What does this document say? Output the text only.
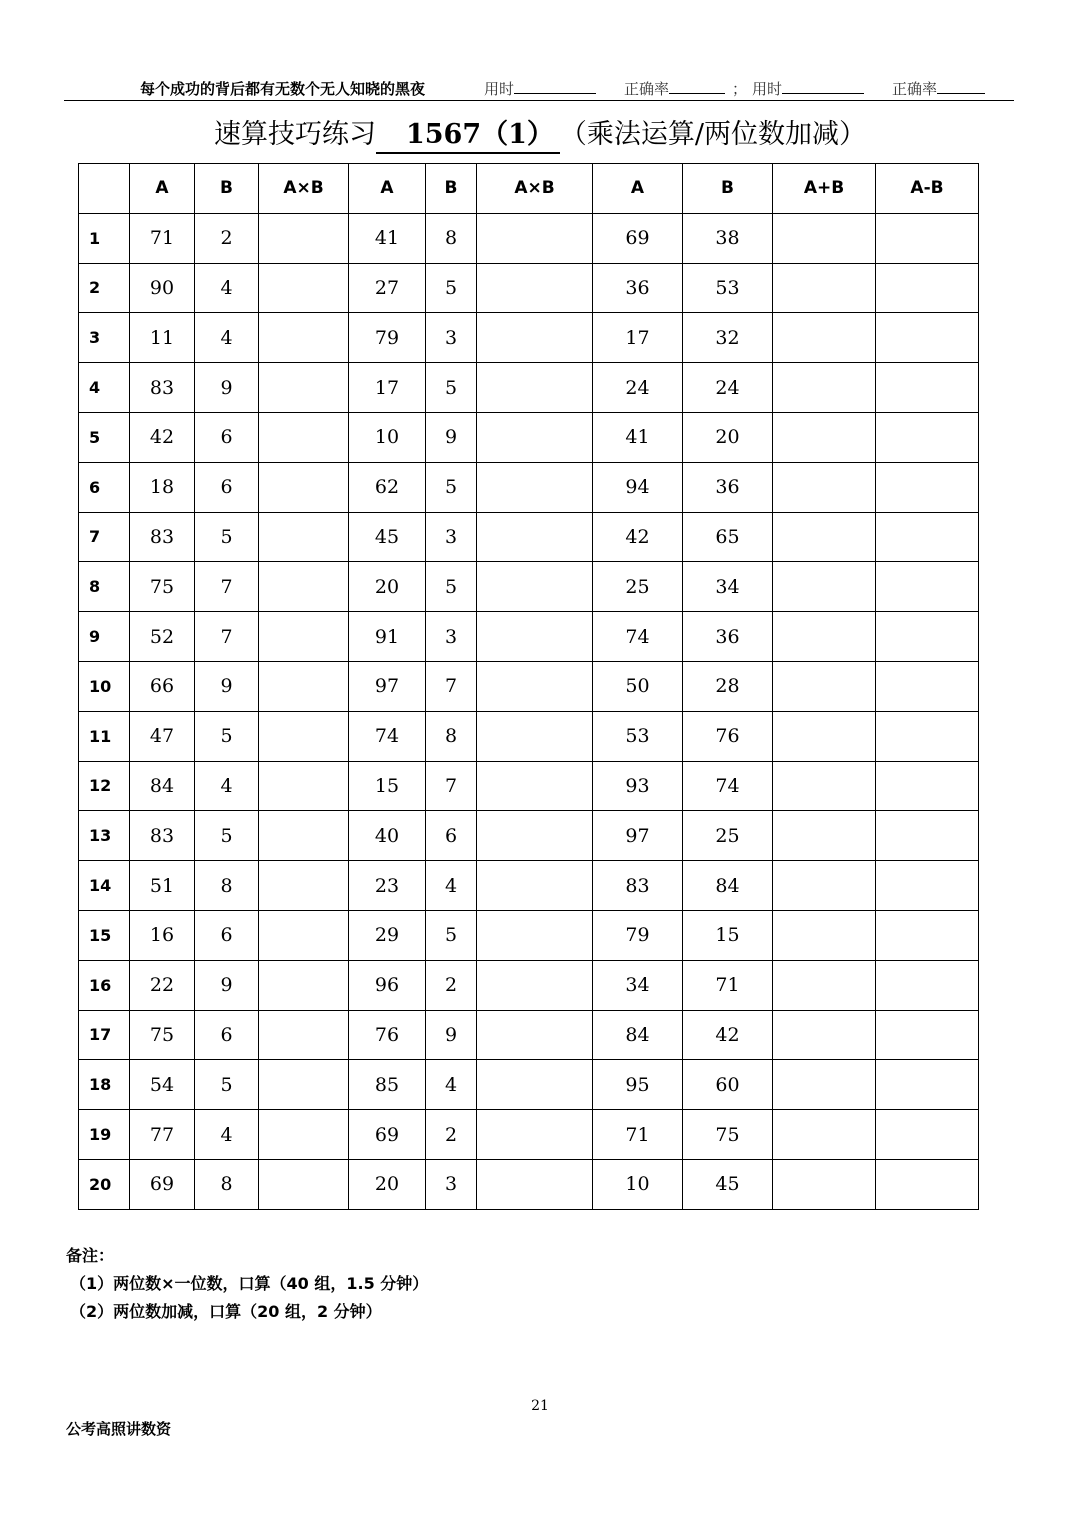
每个成功的背后都有无数个无人知晓的黑夜	用时	正确率	； 用时	正确率
速算技巧练习 1567（1） （乘法运算/两位数加减）
	A	B	A×B	A	B	A×B	A	B	A+B	A-B
1	71	2		41	8		69	38		
2	90	4		27	5		36	53		
3	11	4		79	3		17	32		
4	83	9		17	5		24	24		
5	42	6		10	9		41	20		
6	18	6		62	5		94	36		
7	83	5		45	3		42	65		
8	75	7		20	5		25	34		
9	52	7		91	3		74	36		
10	66	9		97	7		50	28		
11	47	5		74	8		53	76		
12	84	4		15	7		93	74		
13	83	5		40	6		97	25		
14	51	8		23	4		83	84		
15	16	6		29	5		79	15		
16	22	9		96	2		34	71		
17	75	6		76	9		84	42		
18	54	5		85	4		95	60		
19	77	4		69	2		71	75		
20	69	8		20	3		10	45		
备注：
（1）两位数×一位数，口算（40 组，1.5 分钟）
（2）两位数加减，口算（20 组，2 分钟）
21
公考高照讲数资
